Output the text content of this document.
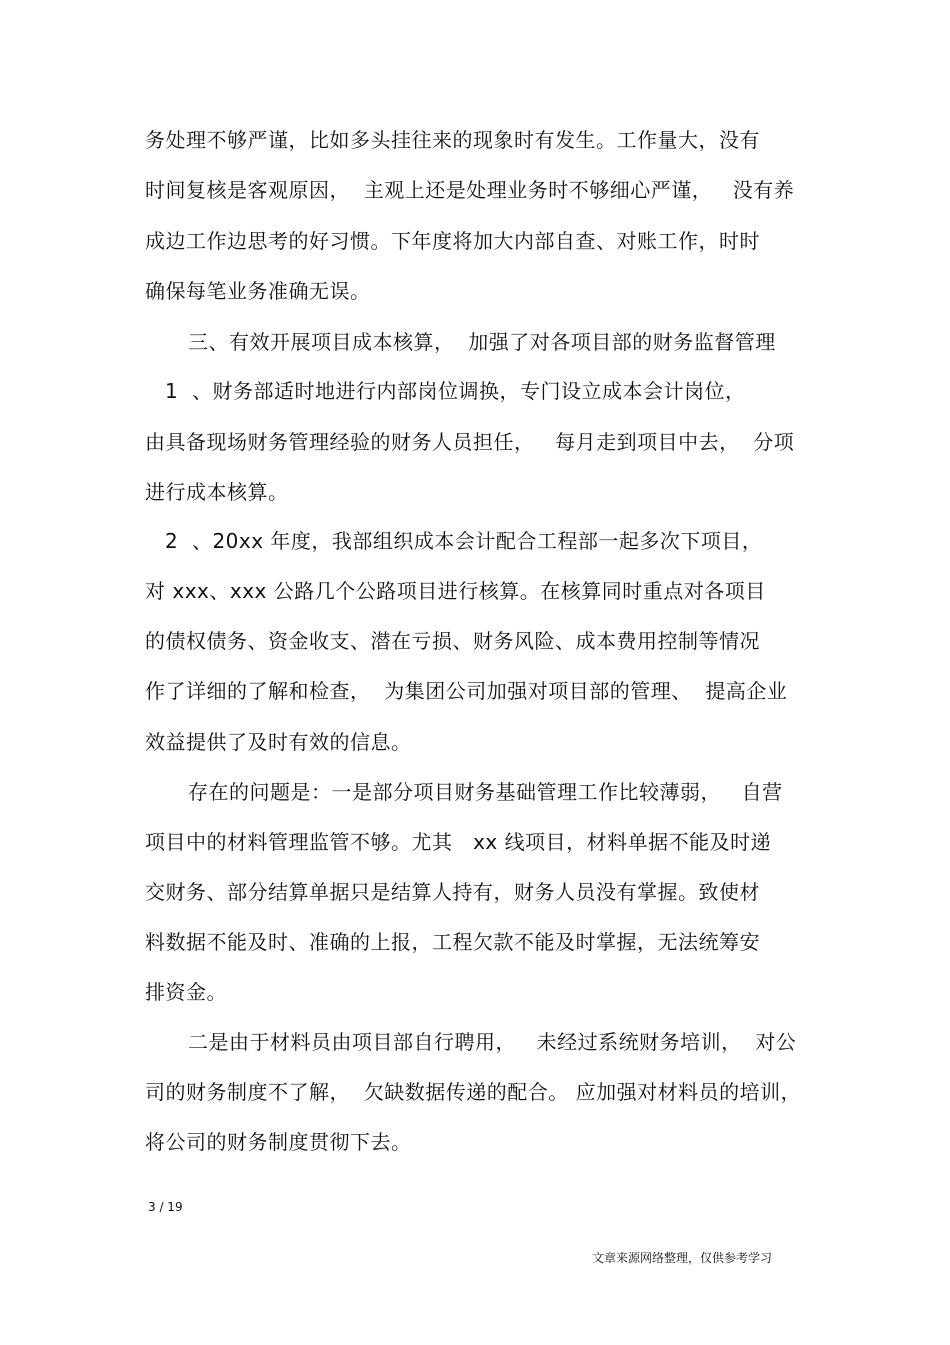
务处理不够严谨，比如多头挂往来的现象时有发生。工作量大，没有
时间复核是客观原因，  主观上还是处理业务时不够细心严谨，   没有养
成边工作边思考的好习惯。下年度将加大内部自查、对账工作，时时
确保每笔业务准确无误。
三、有效开展项目成本核算，  加强了对各项目部的财务监督管理
1  、财务部适时地进行内部岗位调换，专门设立成本会计岗位，
由具备现场财务管理经验的财务人员担任，   每月走到项目中去，  分项
进行成本核算。
2  、20xx 年度，我部组织成本会计配合工程部一起多次下项目，
对 xxx、xxx 公路几个公路项目进行核算。在核算同时重点对各项目
的债权债务、资金收支、潜在亏损、财务风险、成本费用控制等情况
作了详细的了解和检查，  为集团公司加强对项目部的管理、  提高企业
效益提供了及时有效的信息。
存在的问题是：一是部分项目财务基础管理工作比较薄弱，   自营
项目中的材料管理监管不够。尤其   xx 线项目，材料单据不能及时递
交财务、部分结算单据只是结算人持有，财务人员没有掌握。致使材
料数据不能及时、准确的上报，工程欠款不能及时掌握，无法统筹安
排资金。
二是由于材料员由项目部自行聘用，   未经过系统财务培训，  对公
司的财务制度不了解，  欠缺数据传递的配合。 应加强对材料员的培训，
将公司的财务制度贯彻下去。
3 / 19
文章来源网络整理，仅供参考学习
